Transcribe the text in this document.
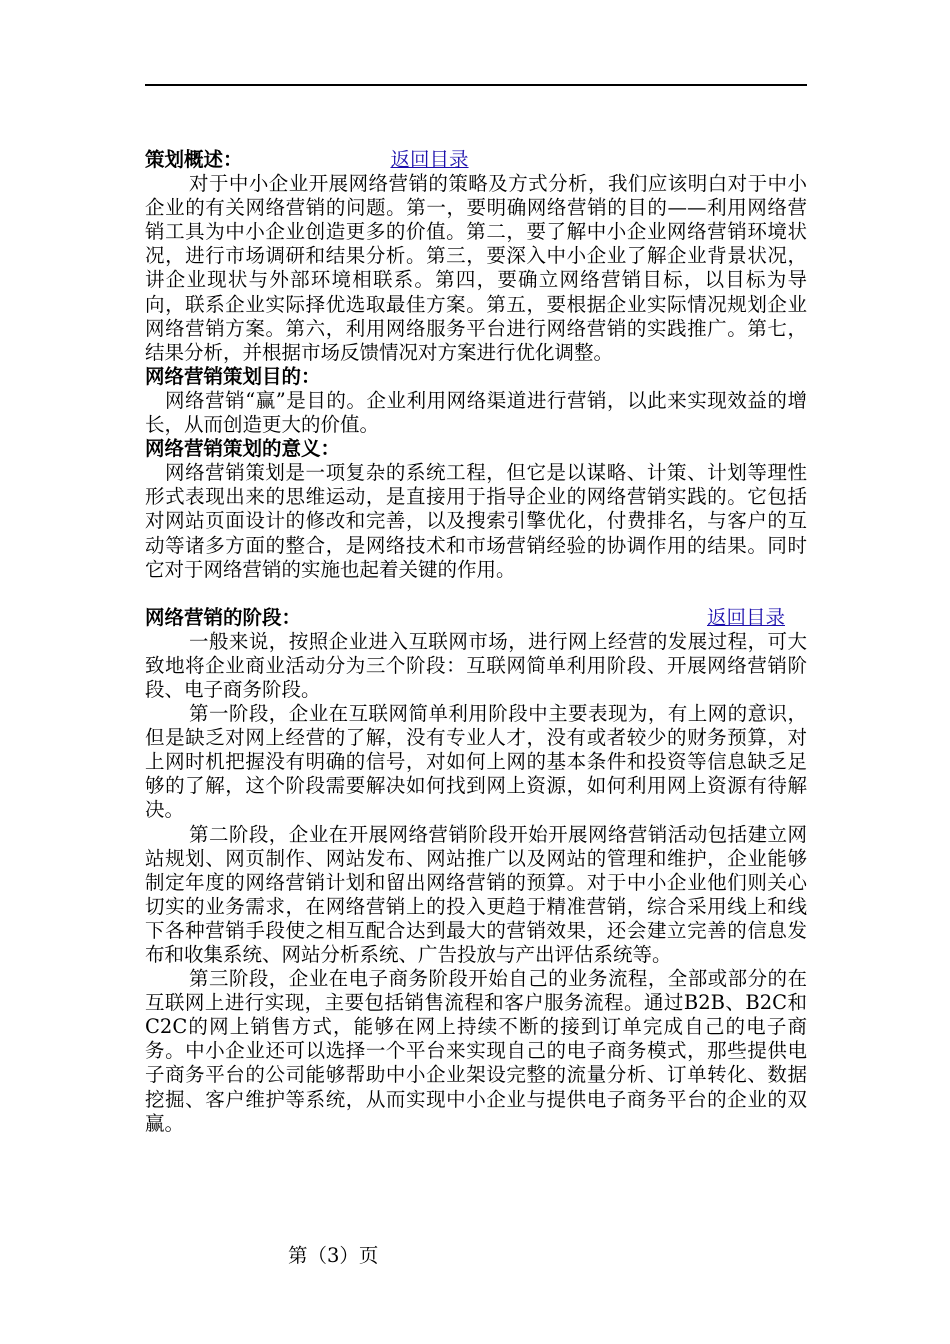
策划概述：	返回目录

对于中小企业开展网络营销的策略及方式分析，我们应该明白对于中小企业的有关网络营销的问题。第一，要明确网络营销的目的——利用网络营销工具为中小企业创造更多的价值。第二，要了解中小企业网络营销环境状况，进行市场调研和结果分析。第三，要深入中小企业了解企业背景状况，讲企业现状与外部环境相联系。第四，要确立网络营销目标，以目标为导向，联系企业实际择优选取最佳方案。第五，要根据企业实际情况规划企业网络营销方案。第六，利用网络服务平台进行网络营销的实践推广。第七，结果分析，并根据市场反馈情况对方案进行优化调整。

网络营销策划目的：

网络营销“赢”是目的。企业利用网络渠道进行营销，以此来实现效益的增长，从而创造更大的价值。

网络营销策划的意义：

网络营销策划是一项复杂的系统工程，但它是以谋略、计策、计划等理性形式表现出来的思维运动，是直接用于指导企业的网络营销实践的。它包括对网站页面设计的修改和完善，以及搜索引擎优化，付费排名，与客户的互动等诸多方面的整合，是网络技术和市场营销经验的协调作用的结果。同时它对于网络营销的实施也起着关键的作用。

网络营销的阶段：	返回目录

一般来说，按照企业进入互联网市场，进行网上经营的发展过程，可大致地将企业商业活动分为三个阶段：互联网简单利用阶段、开展网络营销阶段、电子商务阶段。

第一阶段，企业在互联网简单利用阶段中主要表现为，有上网的意识，但是缺乏对网上经营的了解，没有专业人才，没有或者较少的财务预算，对上网时机把握没有明确的信号，对如何上网的基本条件和投资等信息缺乏足够的了解，这个阶段需要解决如何找到网上资源，如何利用网上资源有待解决。

第二阶段，企业在开展网络营销阶段开始开展网络营销活动包括建立网站规划、网页制作、网站发布、网站推广以及网站的管理和维护，企业能够制定年度的网络营销计划和留出网络营销的预算。对于中小企业他们则关心切实的业务需求，在网络营销上的投入更趋于精准营销，综合采用线上和线下各种营销手段使之相互配合达到最大的营销效果，还会建立完善的信息发布和收集系统、网站分析系统、广告投放与产出评估系统等。

第三阶段，企业在电子商务阶段开始自己的业务流程，全部或部分的在互联网上进行实现，主要包括销售流程和客户服务流程。通过B2B、B2C和C2C的网上销售方式，能够在网上持续不断的接到订单完成自己的电子商务。中小企业还可以选择一个平台来实现自己的电子商务模式，那些提供电子商务平台的公司能够帮助中小企业架设完整的流量分析、订单转化、数据挖掘、客户维护等系统，从而实现中小企业与提供电子商务平台的企业的双赢。

第（3）页
